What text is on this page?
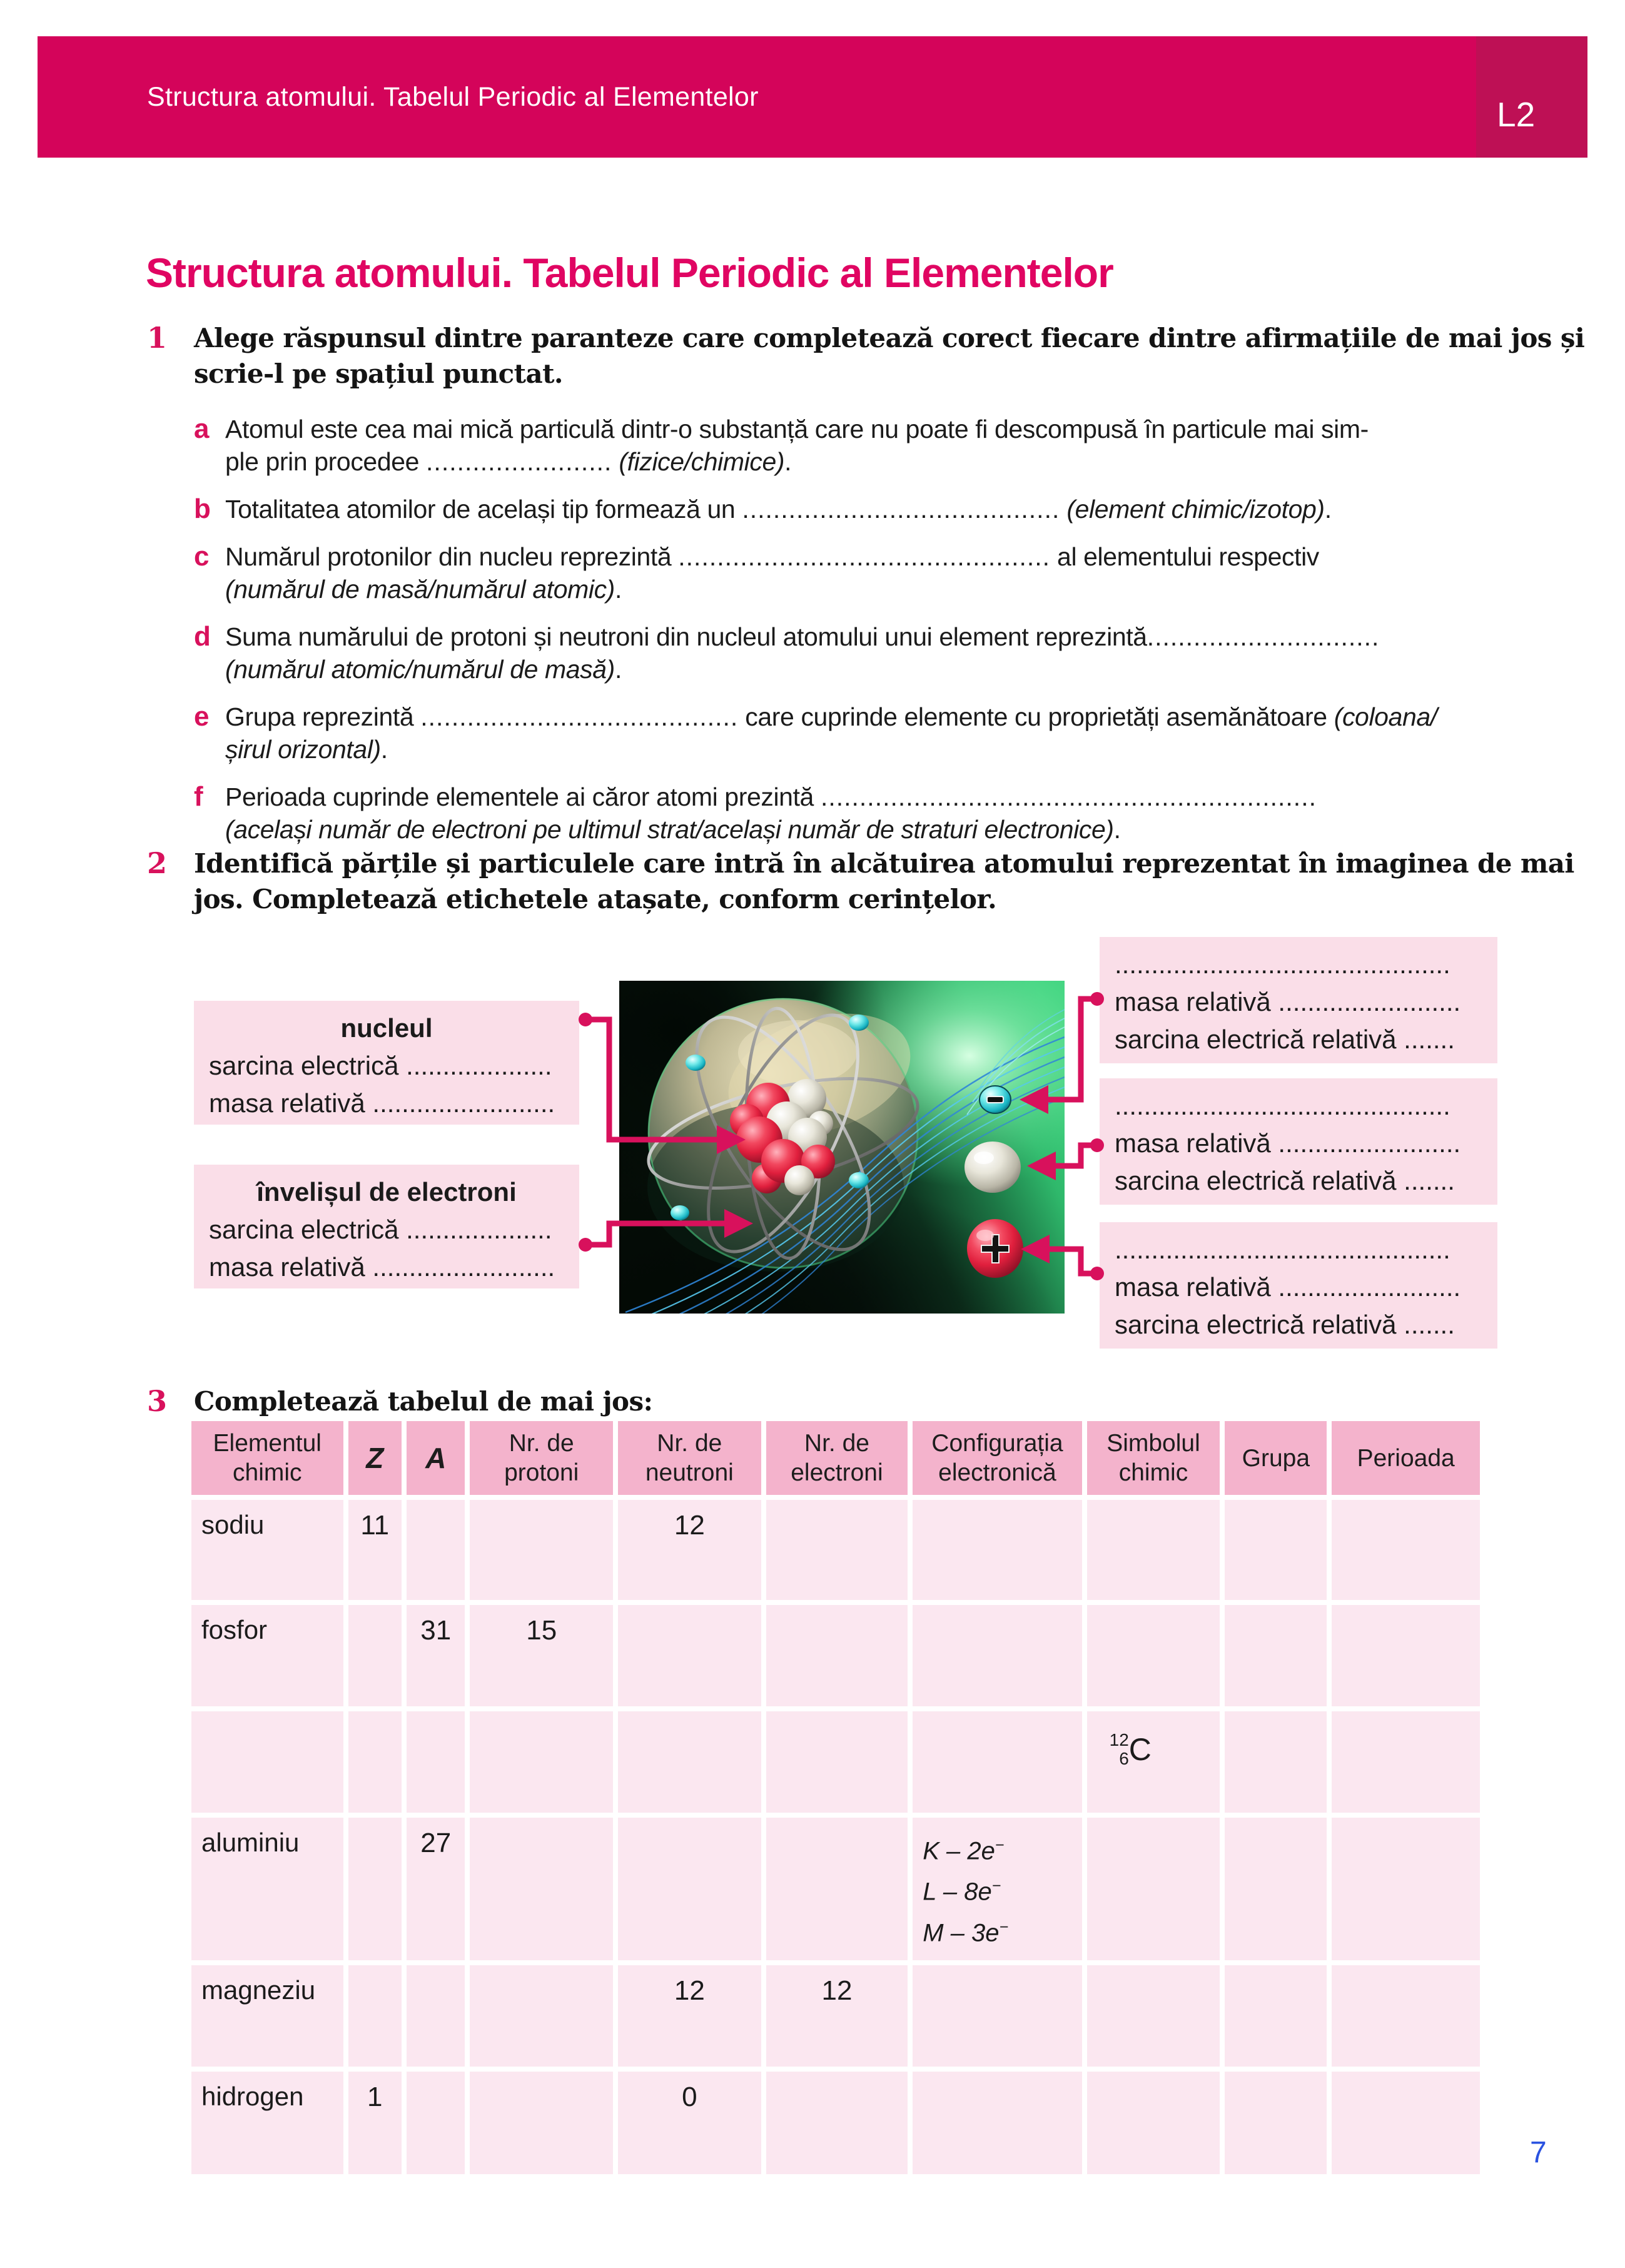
Structura atomului. Tabelul Periodic al Elementelor	L2
Structura atomului. Tabelul Periodic al Elementelor
1	Alege răspunsul dintre paranteze care completează corect fiecare dintre afirmațiile de mai jos și
scrie-l pe spațiul punctat.
a Atomul este cea mai mică particulă dintr-o substanță care nu poate fi descompusă în particule mai sim-
ple prin procedee ........................ (fizice/chimice).
b Totalitatea atomilor de același tip formează un ......................................... (element chimic/izotop).
c Numărul protonilor din nucleu reprezintă ................................................ al elementului respectiv
(numărul de masă/numărul atomic).
d Suma numărului de protoni și neutroni din nucleul atomului unui element reprezintă..............................
(numărul atomic/numărul de masă).
e Grupa reprezintă ......................................... care cuprinde elemente cu proprietăți asemănătoare (coloana/
șirul orizontal).
f Perioada cuprinde elementele ai căror atomi prezintă ................................................................
(același număr de electroni pe ultimul strat/același număr de straturi electronice).
2	Identifică părțile și particulele care intră în alcătuirea atomului reprezentat în imaginea de mai
jos. Completează etichetele atașate, conform cerințelor.
nucleul
sarcina electrică ....................
masa relativă .........................
învelișul de electroni
sarcina electrică ....................
masa relativă .........................
..............................................
masa relativă .........................
sarcina electrică relativă .......
..............................................
masa relativă .........................
sarcina electrică relativă .......
..............................................
masa relativă .........................
sarcina electrică relativă .......
3	Completează tabelul de mai jos:
Elementul chimic	Z	A	Nr. de protoni	Nr. de neutroni	Nr. de electroni	Configurația electronică	Simbolul chimic	Grupa	Perioada
sodiu	11			12					
fosfor		31	15						

							12
6 C		

aluminiu		27				K – 2e−
L – 8e−
M – 3e−

magneziu				12	12				
hidrogen	1			0					
7
